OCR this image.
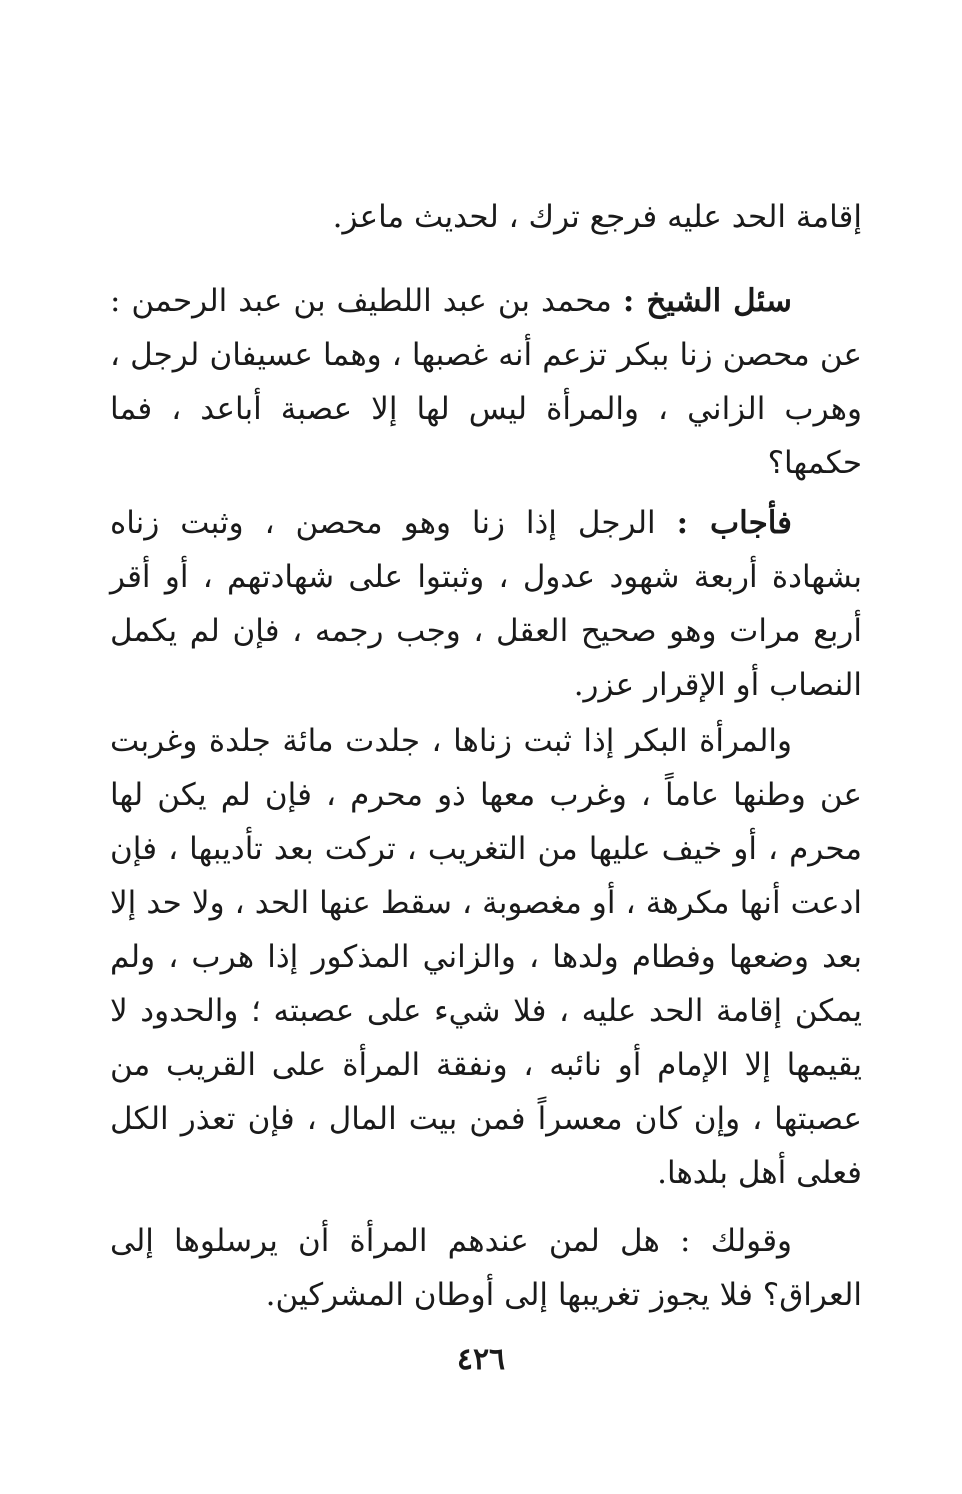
إقامة الحد عليه فرجع ترك ، لحديث ماعز.
سئل الشيخ : محمد بن عبد اللطيف بن عبد الرحمن : عن محصن زنا ببكر تزعم أنه غصبها ، وهما عسيفان لرجل ، وهرب الزاني ، والمرأة ليس لها إلا عصبة أباعد ، فما حكمها؟
فأجاب : الرجل إذا زنا وهو محصن ، وثبت زناه بشهادة أربعة شهود عدول ، وثبتوا على شهادتهم ، أو أقر أربع مرات وهو صحيح العقل ، وجب رجمه ، فإن لم يكمل النصاب أو الإقرار عزر.
والمرأة البكر إذا ثبت زناها ، جلدت مائة جلدة وغربت عن وطنها عاماً ، وغرب معها ذو محرم ، فإن لم يكن لها محرم ، أو خيف عليها من التغريب ، تركت بعد تأديبها ، فإن ادعت أنها مكرهة ، أو مغصوبة ، سقط عنها الحد ، ولا حد إلا بعد وضعها وفطام ولدها ، والزاني المذكور إذا هرب ، ولم يمكن إقامة الحد عليه ، فلا شيء على عصبته ؛ والحدود لا يقيمها إلا الإمام أو نائبه ، ونفقة المرأة على القريب من عصبتها ، وإن كان معسراً فمن بيت المال ، فإن تعذر الكل فعلى أهل بلدها.
وقولك : هل لمن عندهم المرأة أن يرسلوها إلى العراق؟ فلا يجوز تغريبها إلى أوطان المشركين.
٤٢٦
